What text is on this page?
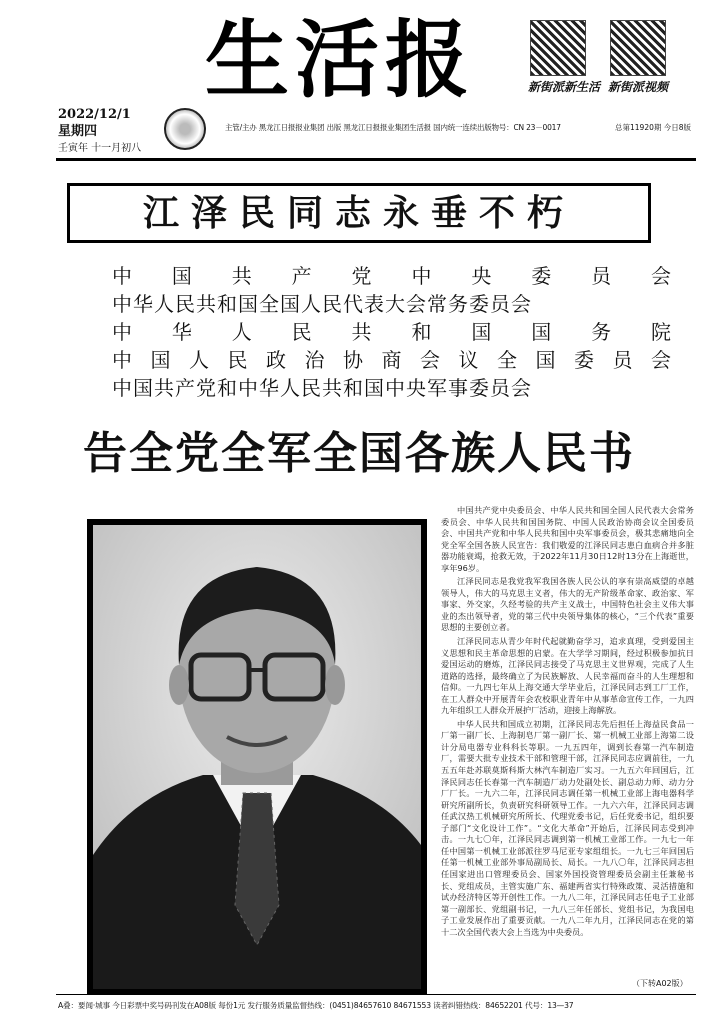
生活报	新街派新生活 新街派视频
2022/12/1
星期四
壬寅年 十一月初八
主管/主办 黑龙江日报报业集团 出版 黑龙江日报报业集团生活报 国内统一连续出版物号：CN 23－0017	总第11920期 今日8版
江泽民同志永垂不朽
中国共产党中央委员会
中华人民共和国全国人民代表大会常务委员会
中华人民共和国国务院
中国人民政治协商会议全国委员会
中国共产党和中华人民共和国中央军事委员会
告全党全军全国各族人民书

中国共产党中央委员会、中华人民共和国全国人民代表大会常务委员会、中华人民共和国国务院、中国人民政治协商会议全国委员会、中国共产党和中华人民共和国中央军事委员会，极其悲痛地向全党全军全国各族人民宣告：我们敬爱的江泽民同志患白血病合并多脏器功能衰竭，抢救无效，于2022年11月30日12时13分在上海逝世，享年96岁。

江泽民同志是我党我军我国各族人民公认的享有崇高威望的卓越领导人，伟大的马克思主义者，伟大的无产阶级革命家、政治家、军事家、外交家，久经考验的共产主义战士，中国特色社会主义伟大事业的杰出领导者，党的第三代中央领导集体的核心，“三个代表”重要思想的主要创立者。

江泽民同志从青少年时代起就勤奋学习，追求真理，受到爱国主义思想和民主革命思想的启蒙。在大学学习期间，经过积极参加抗日爱国运动的磨炼，江泽民同志接受了马克思主义世界观，完成了人生道路的选择，最终确立了为民族解放、人民幸福而奋斗的人生理想和信仰。一九四七年从上海交通大学毕业后，江泽民同志到工厂工作，在工人群众中开展青年会农校职业青年中从事革命宣传工作，一九四九年组织工人群众开展护厂活动，迎接上海解放。

中华人民共和国成立初期，江泽民同志先后担任上海益民食品一厂第一副厂长、上海制皂厂第一副厂长、第一机械工业部上海第二设计分局电器专业科科长等职。一九五四年，调到长春第一汽车制造厂，需要大批专业技术干部和管理干部，江泽民同志应调前往，一九五五年赴苏联莫斯科斯大林汽车制造厂实习。一九五六年回国后，江泽民同志任长春第一汽车制造厂动力处副处长、副总动力师、动力分厂厂长。一九六二年，江泽民同志调任第一机械工业部上海电器科学研究所副所长，负责研究科研领导工作。一九六六年，江泽民同志调任武汉热工机械研究所所长、代理党委书记，后任党委书记，组织要子部门“文化设计工作”。“文化大革命”开始后，江泽民同志受到冲击。一九七〇年，江泽民同志调到第一机械工业部工作。一九七一年任中国第一机械工业部派往罗马尼亚专家组组长。一九七三年回国后任第一机械工业部外事局副局长、局长。一九八〇年，江泽民同志担任国家进出口管理委员会、国家外国投资管理委员会副主任兼秘书长、党组成员，主管实施广东、福建两省实行特殊政策、灵活措施和试办经济特区等开创性工作。一九八二年，江泽民同志任电子工业部第一副部长、党组副书记，一九八三年任部长、党组书记，为我国电子工业发展作出了重要贡献。一九八二年九月，江泽民同志在党的第十二次全国代表大会上当选为中央委员。

（下转A02版）
A叠：要闻·城事 今日彩票中奖号码刊发在A08版 每份1元 发行服务质量监督热线：(0451)84657610 84671553 读者纠错热线：84652201 代号：13—37
